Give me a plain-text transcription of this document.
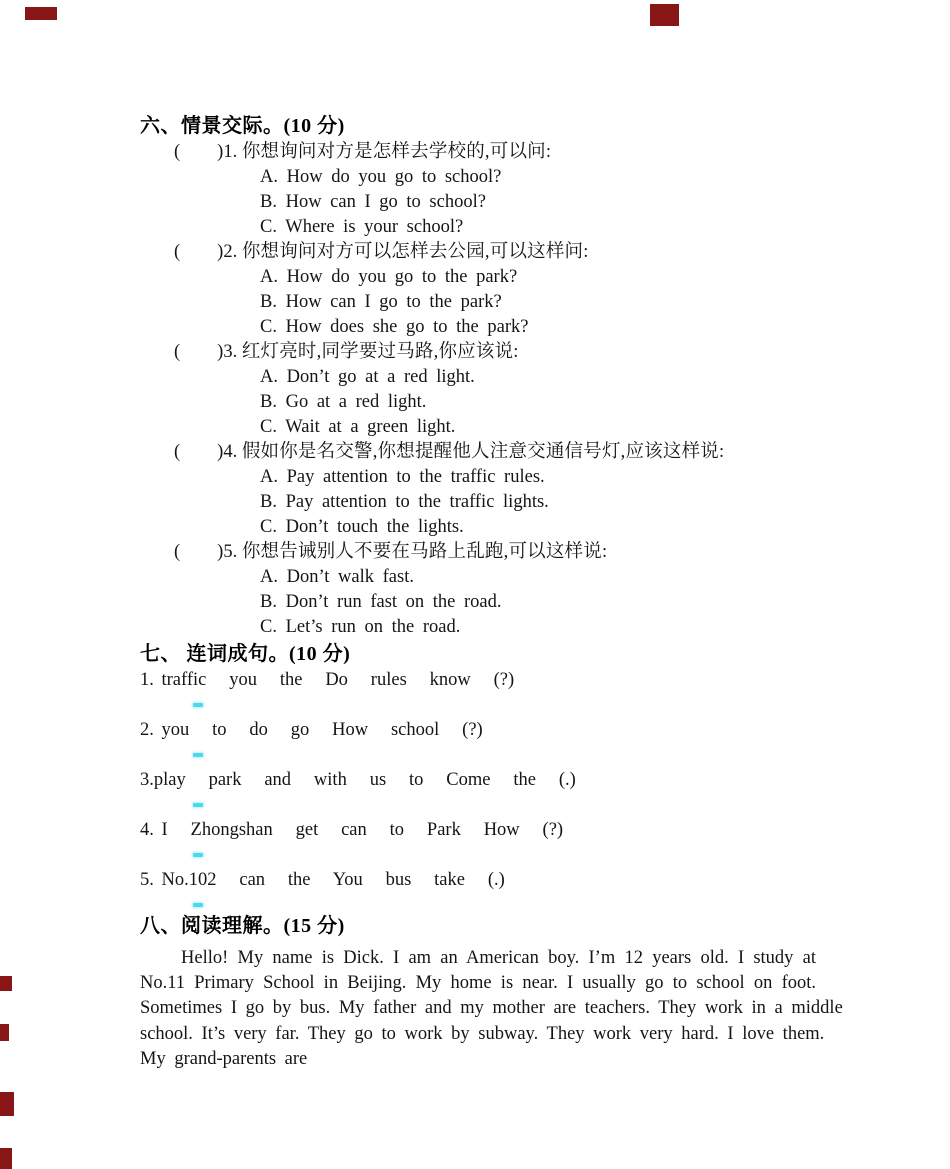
六、情景交际。(10 分)
(        )1. 你想询问对方是怎样去学校的,可以问:
A. How do you go to school?
B. How can I go to school?
C. Where is your school?
(        )2. 你想询问对方可以怎样去公园,可以这样问:
A. How do you go to the park?
B. How can I go to the park?
C. How does she go to the park?
(        )3. 红灯亮时,同学要过马路,你应该说:
A. Don’t go at a red light.
B. Go at a red light.
C. Wait at a green light.
(        )4. 假如你是名交警,你想提醒他人注意交通信号灯,应该这样说:
A. Pay attention to the traffic rules.
B. Pay attention to the traffic lights.
C. Don’t touch the lights.
(        )5. 你想告诫别人不要在马路上乱跑,可以这样说:
A. Don’t walk fast.
B. Don’t run fast on the road.
C. Let’s run on the road.
七、 连词成句。(10 分)
1. traffic   you   the   Do   rules   know   (?)
2. you   to   do   go   How   school   (?)
3.play   park   and   with   us   to   Come   the   (.)
4. I   Zhongshan   get   can   to   Park   How   (?)
5. No.102   can   the   You   bus   take   (.)
八、阅读理解。(15 分)
Hello! My name is Dick. I am an American boy. I’m 12 years old. I study at
No.11 Primary School in Beijing. My home is near. I usually go to school on foot.
Sometimes I go by bus. My father and my mother are teachers. They work in a middle
school. It’s very far. They go to work by subway. They work very hard. I love them.
My grand-parents are
